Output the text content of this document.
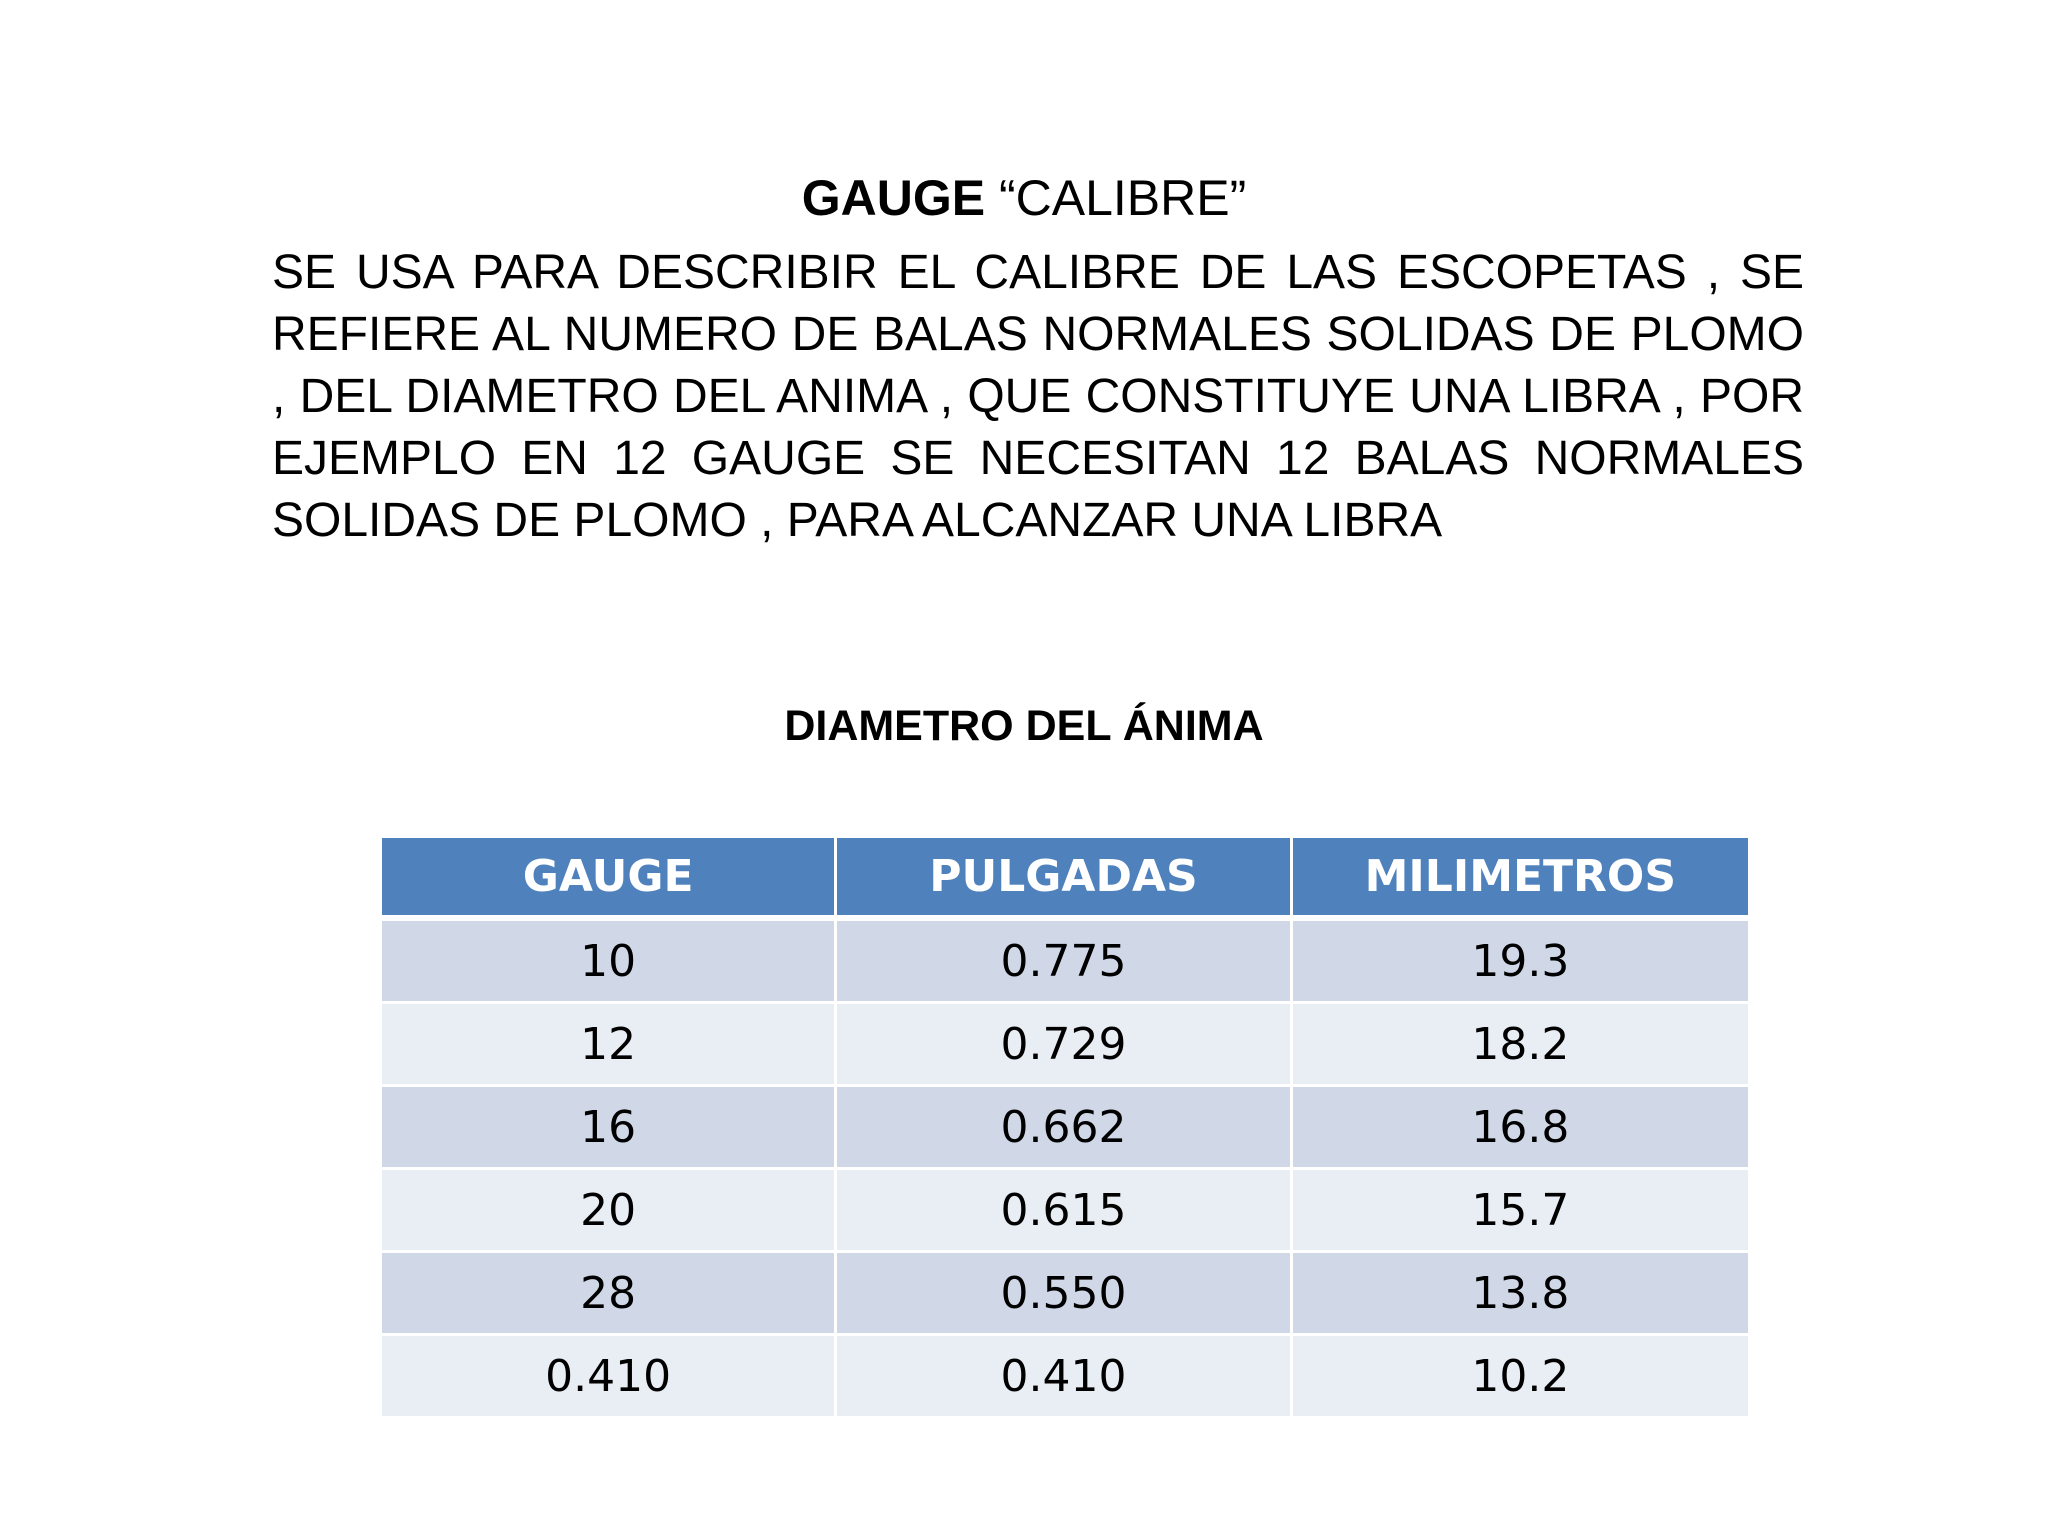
GAUGE “CALIBRE”

SE USA PARA DESCRIBIR EL CALIBRE DE LAS ESCOPETAS , SE REFIERE AL NUMERO DE BALAS NORMALES SOLIDAS DE PLOMO , DEL DIAMETRO DEL ANIMA , QUE CONSTITUYE UNA LIBRA , POR EJEMPLO EN 12 GAUGE SE NECESITAN 12 BALAS NORMALES SOLIDAS DE PLOMO , PARA ALCANZAR UNA LIBRA

DIAMETRO DEL ÁNIMA
GAUGE	PULGADAS	MILIMETROS
10	0.775	19.3
12	0.729	18.2
16	0.662	16.8
20	0.615	15.7
28	0.550	13.8
0.410	0.410	10.2
